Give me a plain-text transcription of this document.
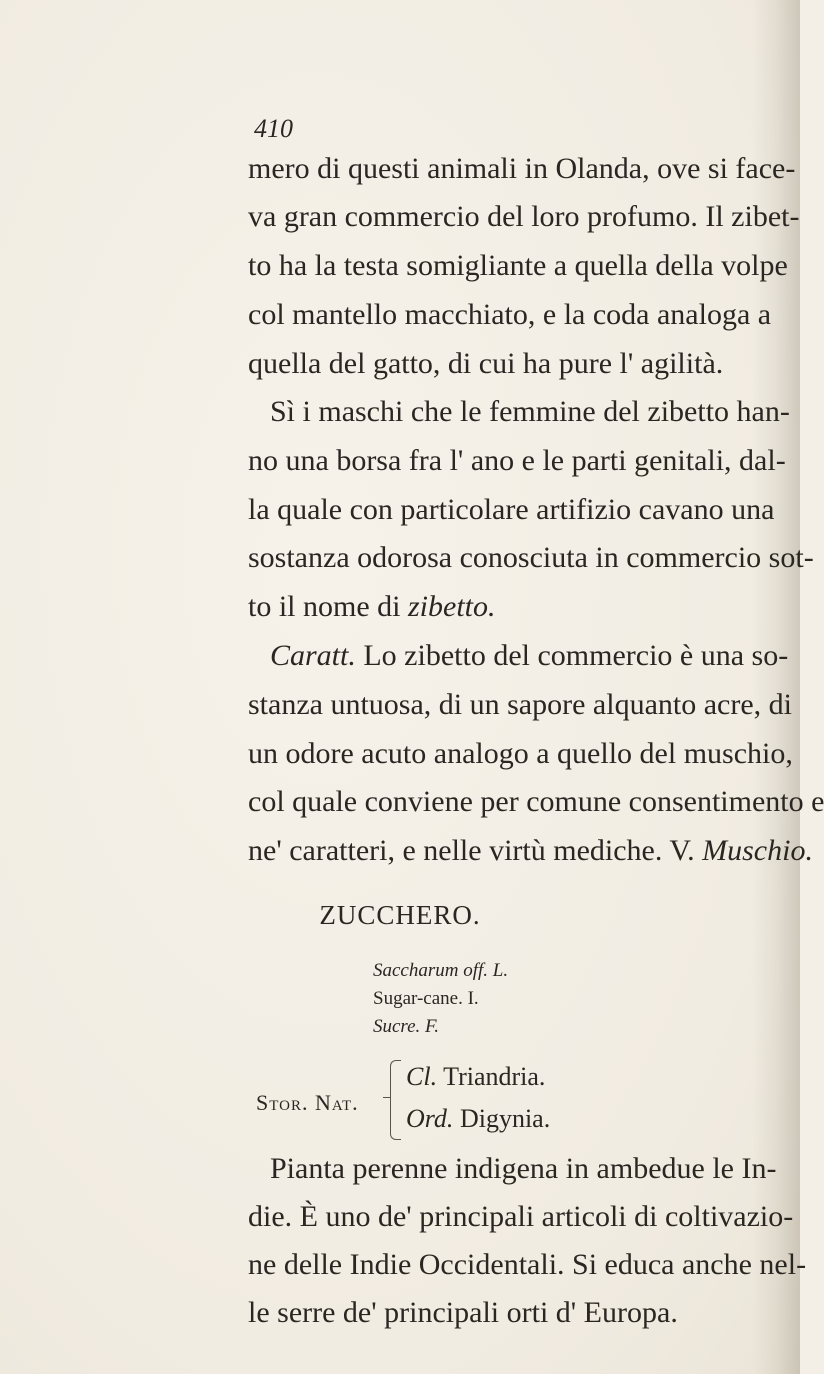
410
mero di questi animali in Olanda, ove si face-
va gran commercio del loro profumo. Il zibet-
to ha la testa somigliante a quella della volpe
col mantello macchiato, e la coda analoga a
quella del gatto, di cui ha pure l' agilità.
Sì i maschi che le femmine del zibetto han-
no una borsa fra l' ano e le parti genitali, dal-
la quale con particolare artifizio cavano una
sostanza odorosa conosciuta in commercio sot-
to il nome di zibetto.
Caratt. Lo zibetto del commercio è una so-
stanza untuosa, di un sapore alquanto acre, di
un odore acuto analogo a quello del muschio,
col quale conviene per comune consentimento e
ne' caratteri, e nelle virtù mediche. V. Muschio.
ZUCCHERO.
Saccharum off. L.
Sugar-cane. I.
Sucre. F.
Stor. Nat.
Cl. Triandria.
Ord. Digynia.
Pianta perenne indigena in ambedue le In-
die. È uno de' principali articoli di coltivazio-
ne delle Indie Occidentali. Si educa anche nel-
le serre de' principali orti d' Europa.
